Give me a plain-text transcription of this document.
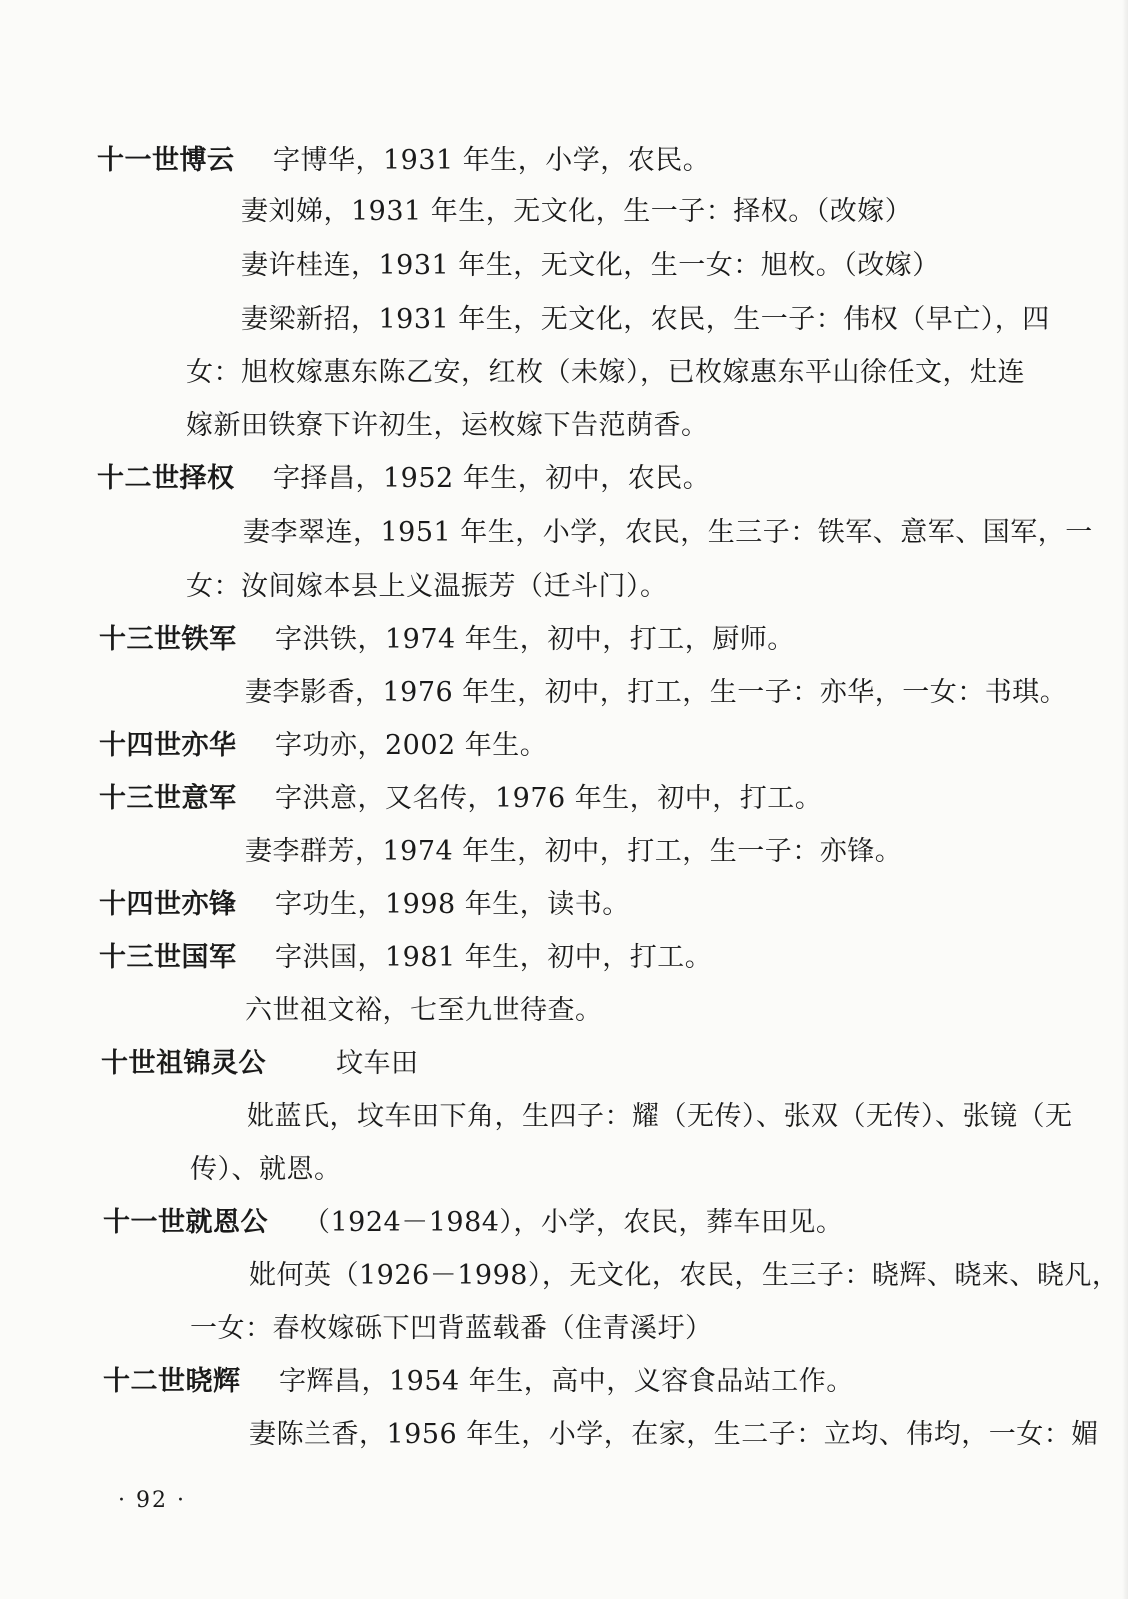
十一世博云 字博华，1931 年生，小学，农民。
妻刘娣，1931 年生，无文化，生一子：择权。（改嫁）
妻许桂连，1931 年生，无文化，生一女：旭枚。（改嫁）
妻梁新招，1931 年生，无文化，农民，生一子：伟权（早亡），四
女：旭枚嫁惠东陈乙安，红枚（未嫁），已枚嫁惠东平山徐任文，灶连
嫁新田铁寮下许初生，运枚嫁下告范荫香。
十二世择权 字择昌，1952 年生，初中，农民。
妻李翠连，1951 年生，小学，农民，生三子：铁军、意军、国军，一
女：汝间嫁本县上义温振芳（迁斗门）。
十三世铁军 字洪铁，1974 年生，初中，打工，厨师。
妻李影香，1976 年生，初中，打工，生一子：亦华，一女：书琪。
十四世亦华 字功亦，2002 年生。
十三世意军 字洪意，又名传，1976 年生，初中，打工。
妻李群芳，1974 年生，初中，打工，生一子：亦锋。
十四世亦锋 字功生，1998 年生，读书。
十三世国军 字洪国，1981 年生，初中，打工。
六世祖文裕，七至九世待查。
十世祖锦灵公	坟车田
妣蓝氏，坟车田下角，生四子：耀（无传）、张双（无传）、张镜（无
传）、就恩。
十一世就恩公 （1924－1984），小学，农民，葬车田见。
妣何英（1926－1998），无文化，农民，生三子：晓辉、晓来、晓凡，
一女：春枚嫁砾下凹背蓝载番（住青溪圩）
十二世晓辉 字辉昌，1954 年生，高中，义容食品站工作。
妻陈兰香，1956 年生，小学，在家，生二子：立均、伟均，一女：媚
· 92 ·
